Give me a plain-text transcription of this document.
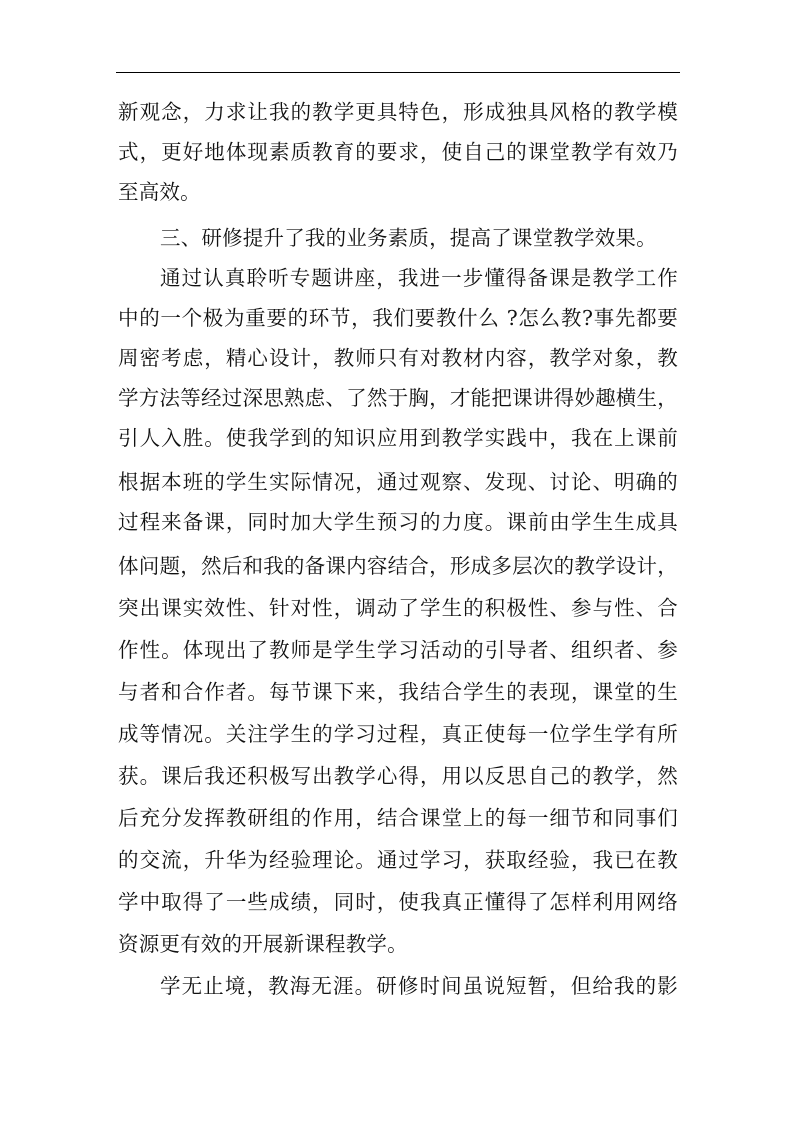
新观念，力求让我的教学更具特色，形成独具风格的教学模
式，更好地体现素质教育的要求，使自己的课堂教学有效乃
至高效。
三、研修提升了我的业务素质，提高了课堂教学效果。
通过认真聆听专题讲座，我进一步懂得备课是教学工作
中的一个极为重要的环节，我们要教什么 ?怎么教?事先都要
周密考虑，精心设计，教师只有对教材内容，教学对象，教
学方法等经过深思熟虑、了然于胸，才能把课讲得妙趣横生，
引人入胜。使我学到的知识应用到教学实践中，我在上课前
根据本班的学生实际情况，通过观察、发现、讨论、明确的
过程来备课，同时加大学生预习的力度。课前由学生生成具
体问题，然后和我的备课内容结合，形成多层次的教学设计，
突出课实效性、针对性，调动了学生的积极性、参与性、合
作性。体现出了教师是学生学习活动的引导者、组织者、参
与者和合作者。每节课下来，我结合学生的表现，课堂的生
成等情况。关注学生的学习过程，真正使每一位学生学有所
获。课后我还积极写出教学心得，用以反思自己的教学，然
后充分发挥教研组的作用，结合课堂上的每一细节和同事们
的交流，升华为经验理论。通过学习，获取经验，我已在教
学中取得了一些成绩，同时，使我真正懂得了怎样利用网络
资源更有效的开展新课程教学。
学无止境，教海无涯。研修时间虽说短暂，但给我的影
